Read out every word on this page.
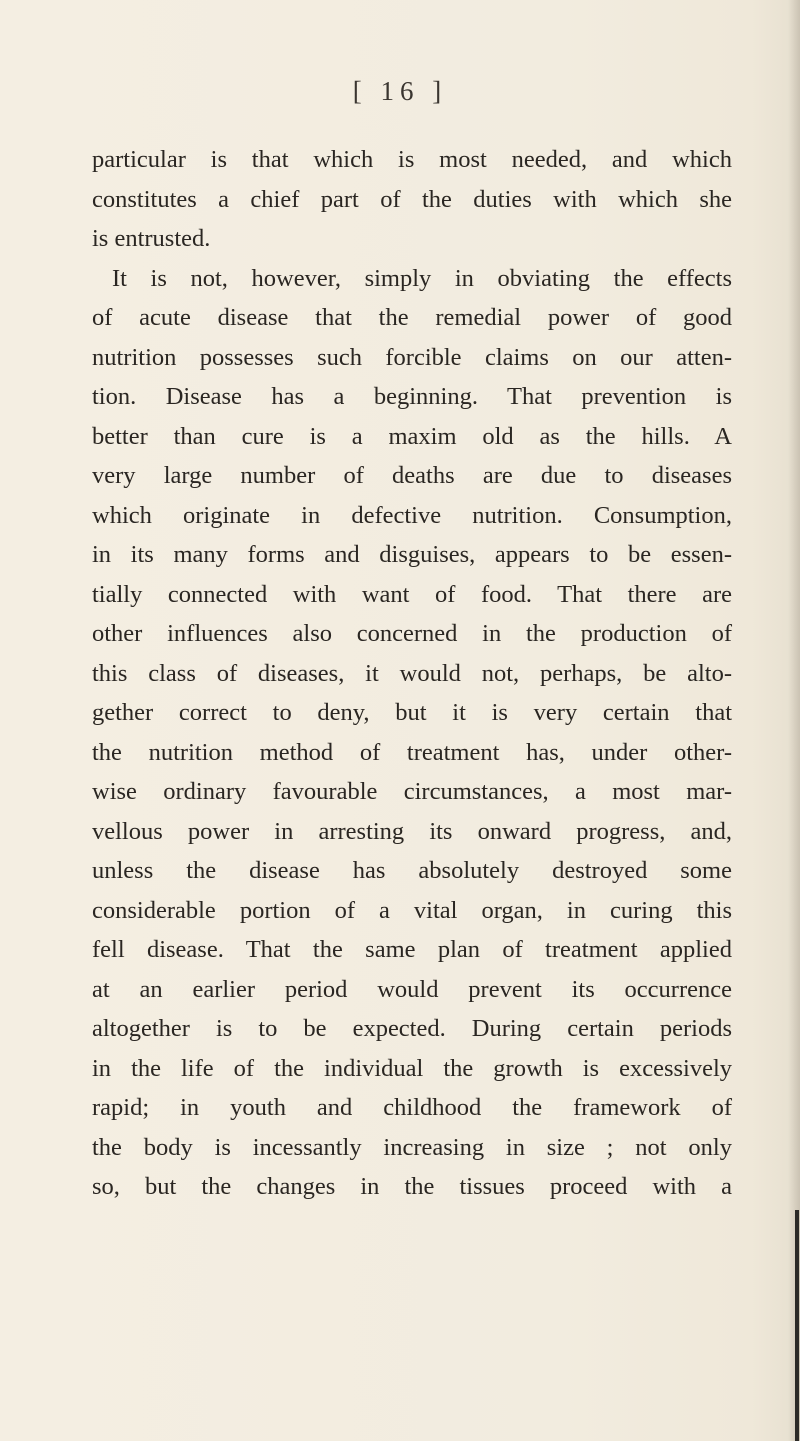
[ 16 ]
particular is that which is most needed, and which
constitutes a chief part of the duties with which she
is entrusted.
It is not, however, simply in obviating the effects
of acute disease that the remedial power of good
nutrition possesses such forcible claims on our atten-
tion. Disease has a beginning. That prevention is
better than cure is a maxim old as the hills. A
very large number of deaths are due to diseases
which originate in defective nutrition. Consumption,
in its many forms and disguises, appears to be essen-
tially connected with want of food. That there are
other influences also concerned in the production of
this class of diseases, it would not, perhaps, be alto-
gether correct to deny, but it is very certain that
the nutrition method of treatment has, under other-
wise ordinary favourable circumstances, a most mar-
vellous power in arresting its onward progress, and,
unless the disease has absolutely destroyed some
considerable portion of a vital organ, in curing this
fell disease. That the same plan of treatment applied
at an earlier period would prevent its occurrence
altogether is to be expected. During certain periods
in the life of the individual the growth is excessively
rapid; in youth and childhood the framework of
the body is incessantly increasing in size ; not only
so, but the changes in the tissues proceed with a
